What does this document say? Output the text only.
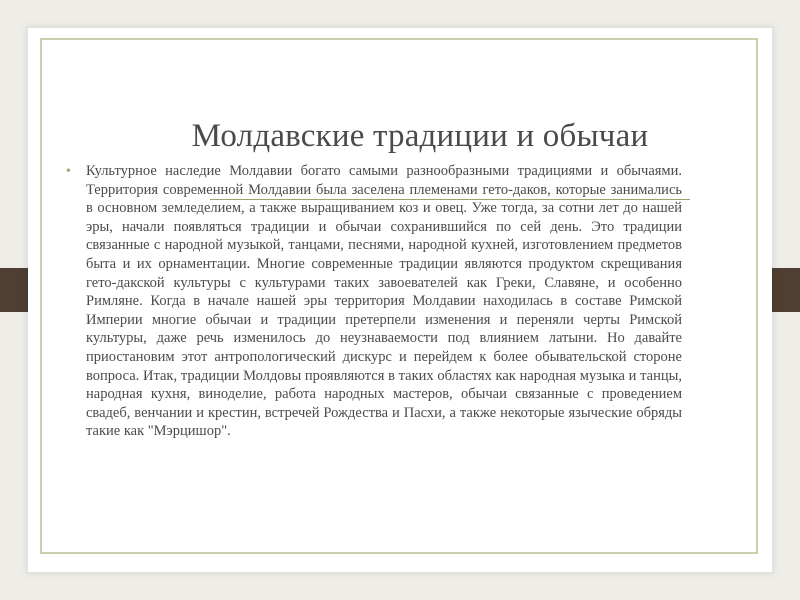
Молдавские традиции и обычаи
• Культурное наследие Молдавии богато самыми разнообразными традициями и обычаями. Территория современной Молдавии была заселена племенами гето-даков, которые занимались в основном земледелием, а также выращиванием коз и овец. Уже тогда, за сотни лет до нашей эры, начали появляться традиции и обычаи сохранившийся по сей день. Это традиции связанные с народной музыкой, танцами, песнями, народной кухней, изготовлением предметов быта и их орнаментации. Многие современные традиции являются продуктом скрещивания гето-дакской культуры с культурами таких завоевателей как Греки, Славяне, и особенно Римляне. Когда в начале нашей эры территория Молдавии находилась в составе Римской Империи многие обычаи и традиции претерпели изменения и переняли черты Римской культуры, даже речь изменилось до неузнаваемости под влиянием латыни. Но давайте приостановим этот антропологический дискурс и перейдем к более обывательской стороне вопроса. Итак, традиции Молдовы проявляются в таких областях как народная музыка и танцы, народная кухня, виноделие, работа народных мастеров, обычаи связанные с проведением свадеб, венчании и крестин, встречей Рождества и Пасхи, а также некоторые языческие обряды такие как "Мэрцишор".
